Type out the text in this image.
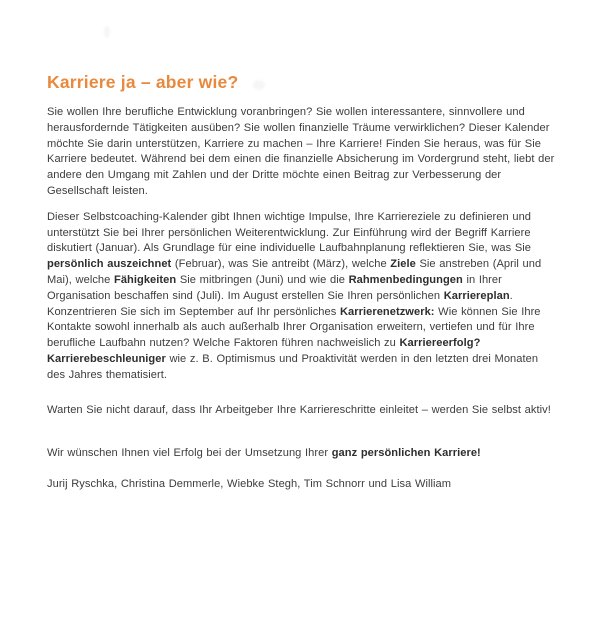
Karriere ja – aber wie?

Sie wollen Ihre berufliche Entwicklung voranbringen? Sie wollen interessantere, sinnvollere und herausfordernde Tätigkeiten ausüben? Sie wollen finanzielle Träume verwirklichen? Dieser Kalender möchte Sie darin unterstützen, Karriere zu machen – Ihre Karriere! Finden Sie heraus, was für Sie Karriere bedeutet. Während bei dem einen die finanzielle Absicherung im Vordergrund steht, liebt der andere den Umgang mit Zahlen und der Dritte möchte einen Beitrag zur Verbesserung der Gesellschaft leisten.

Dieser Selbstcoaching-Kalender gibt Ihnen wichtige Impulse, Ihre Karriereziele zu definieren und unterstützt Sie bei Ihrer persönlichen Weiterentwicklung. Zur Einführung wird der Begriff Karriere diskutiert (Januar). Als Grundlage für eine individuelle Laufbahnplanung reflektieren Sie, was Sie persönlich auszeichnet (Februar), was Sie antreibt (März), welche Ziele Sie anstreben (April und Mai), welche Fähigkeiten Sie mitbringen (Juni) und wie die Rahmenbedingungen in Ihrer Organisation beschaffen sind (Juli). Im August erstellen Sie Ihren persönlichen Karriereplan. Konzentrieren Sie sich im September auf Ihr persönliches Karrierenetzwerk: Wie können Sie Ihre Kontakte sowohl innerhalb als auch außerhalb Ihrer Organisation erweitern, vertiefen und für Ihre berufliche Laufbahn nutzen? Welche Faktoren führen nachweislich zu Karriereerfolg? Karrierebeschleuniger wie z. B. Optimismus und Proaktivität werden in den letzten drei Monaten des Jahres thematisiert.

Warten Sie nicht darauf, dass Ihr Arbeitgeber Ihre Karriereschritte einleitet – werden Sie selbst aktiv!

Wir wünschen Ihnen viel Erfolg bei der Umsetzung Ihrer ganz persönlichen Karriere!

Jurij Ryschka, Christina Demmerle, Wiebke Stegh, Tim Schnorr und Lisa William
